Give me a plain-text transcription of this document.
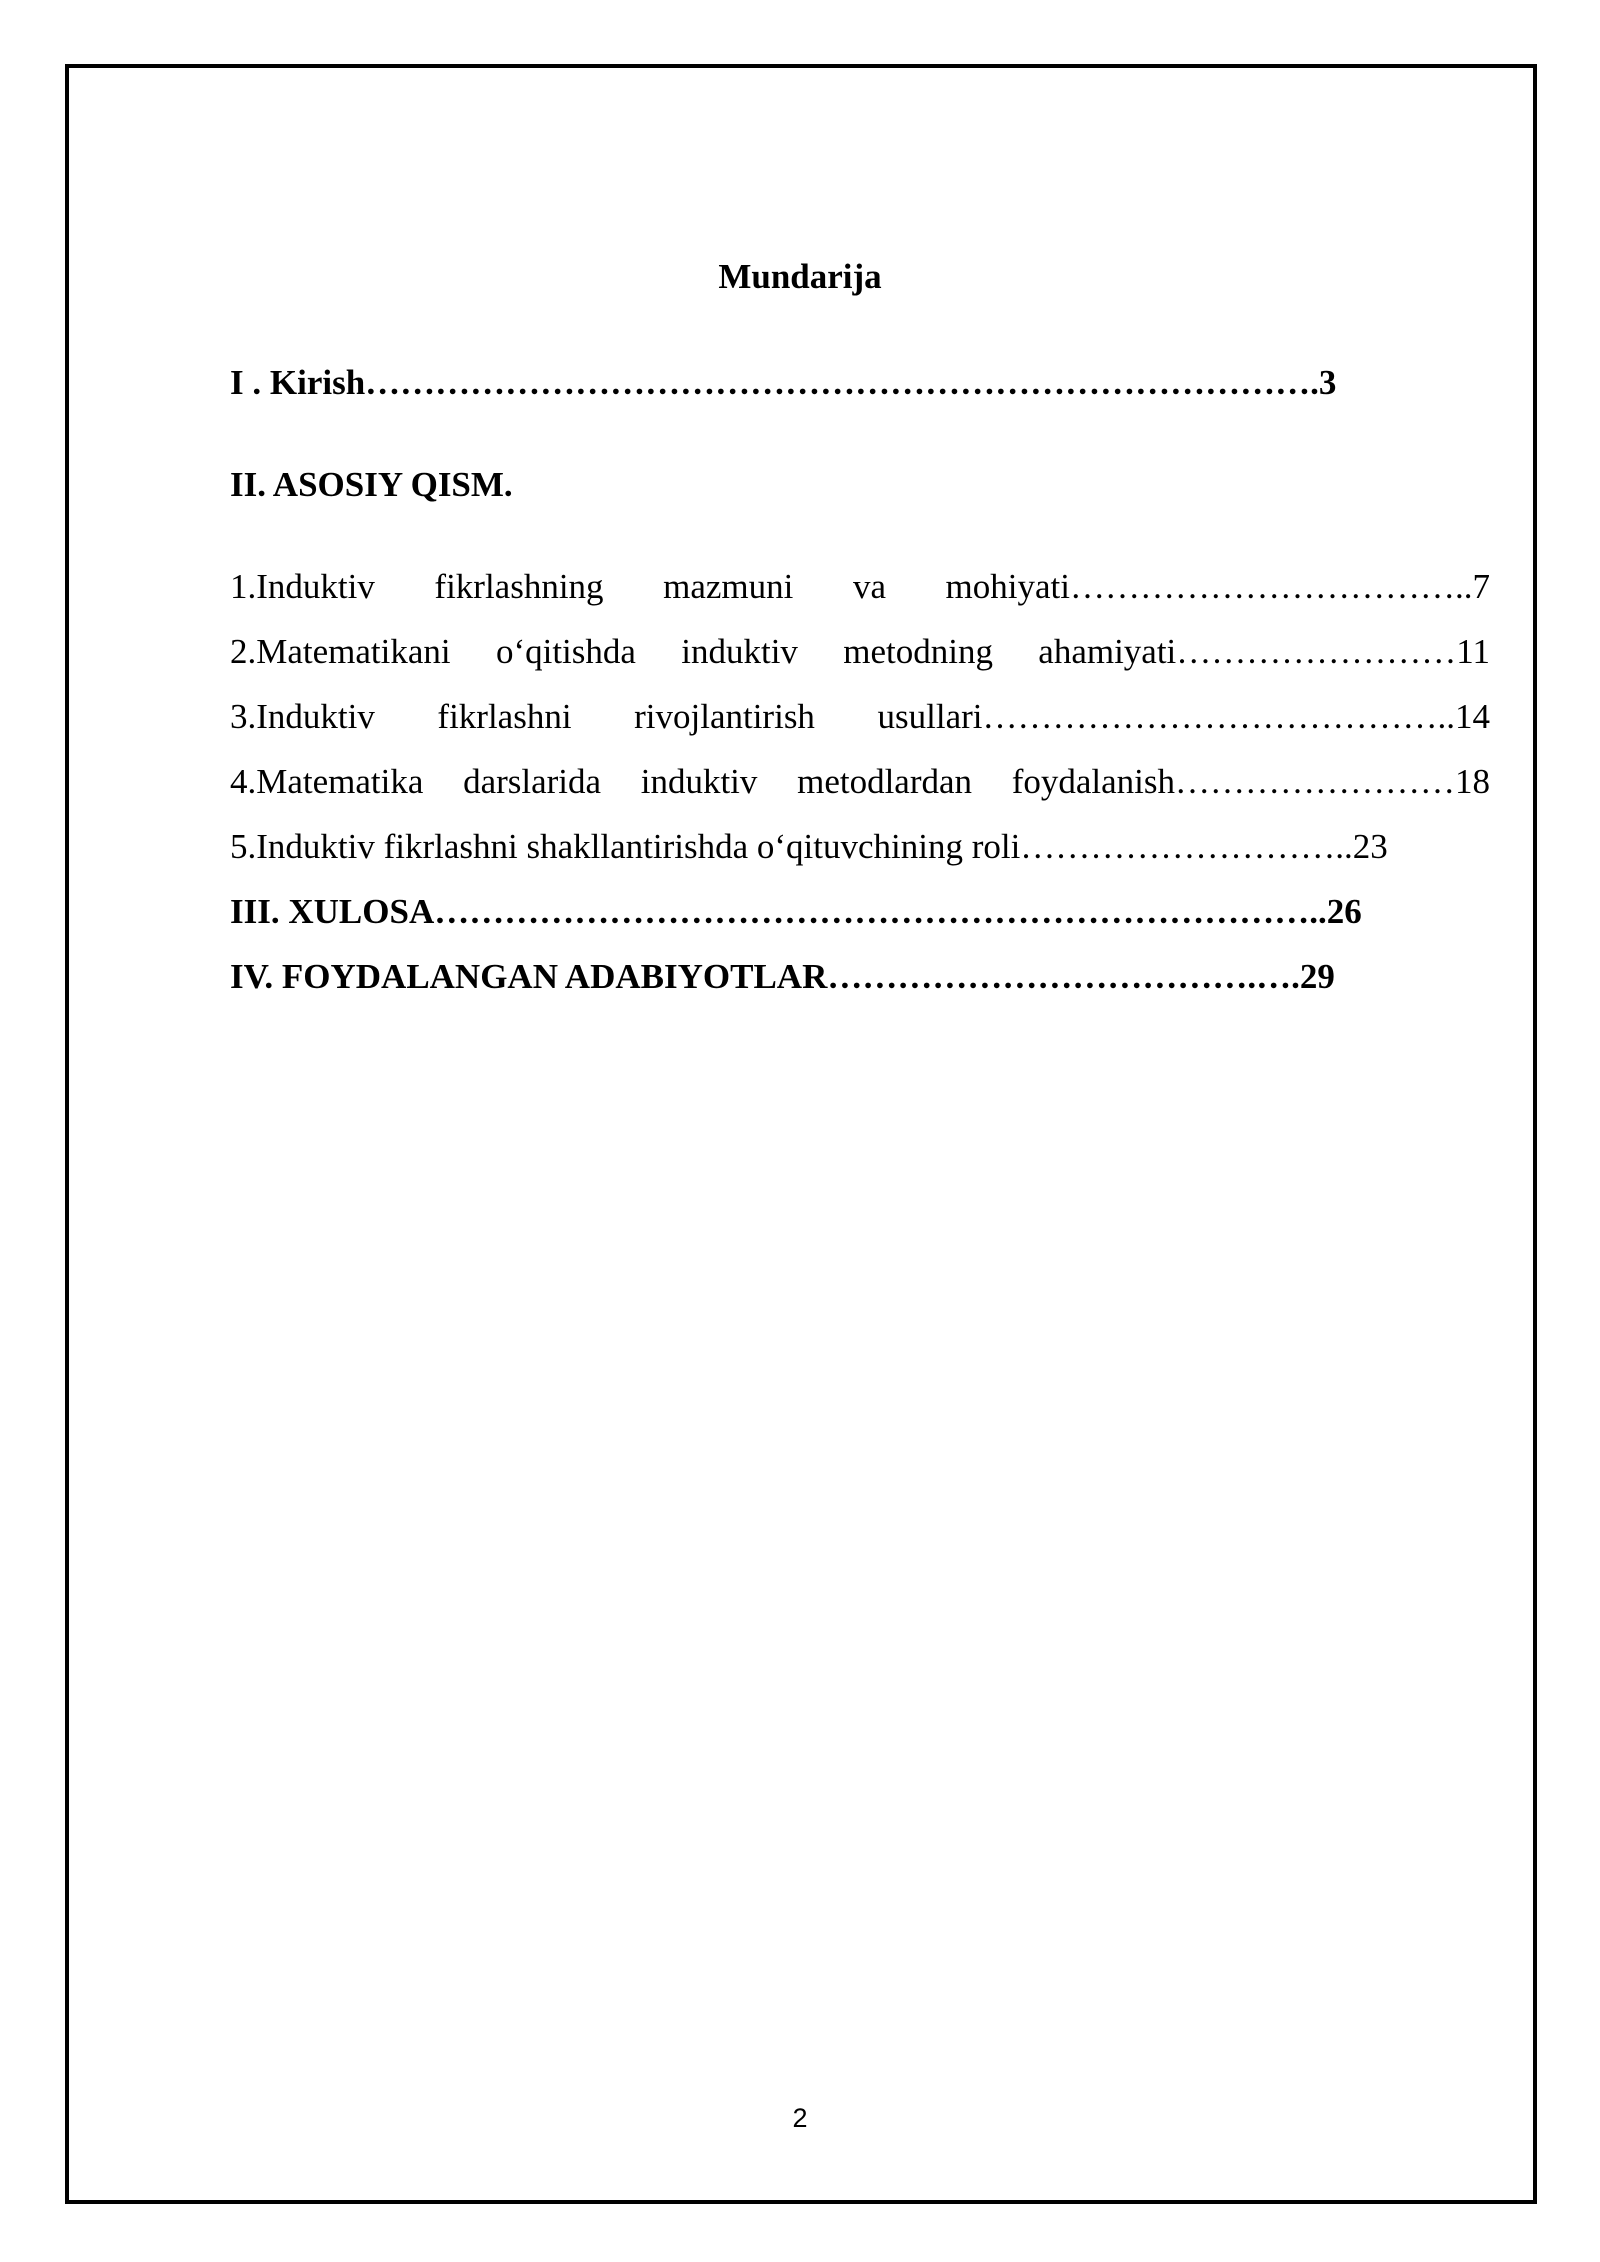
Mundarija
I . Kirish……………………………………………………………………….3
II. ASOSIY QISM.
1.Induktiv fikrlashning mazmuni va mohiyati……………………………..7
2.Matematikani o‘qitishda induktiv metodning ahamiyati……………………11
3.Induktiv fikrlashni rivojlantirish usullari…………………………………..14
4.Matematika darslarida induktiv metodlardan foydalanish……………………18
5.Induktiv fikrlashni shakllantirishda o‘qituvchining roli………………………..23
III. XULOSA…………………………………………………………………..26
IV. FOYDALANGAN ADABIYOTLAR……………………………….….29
2
